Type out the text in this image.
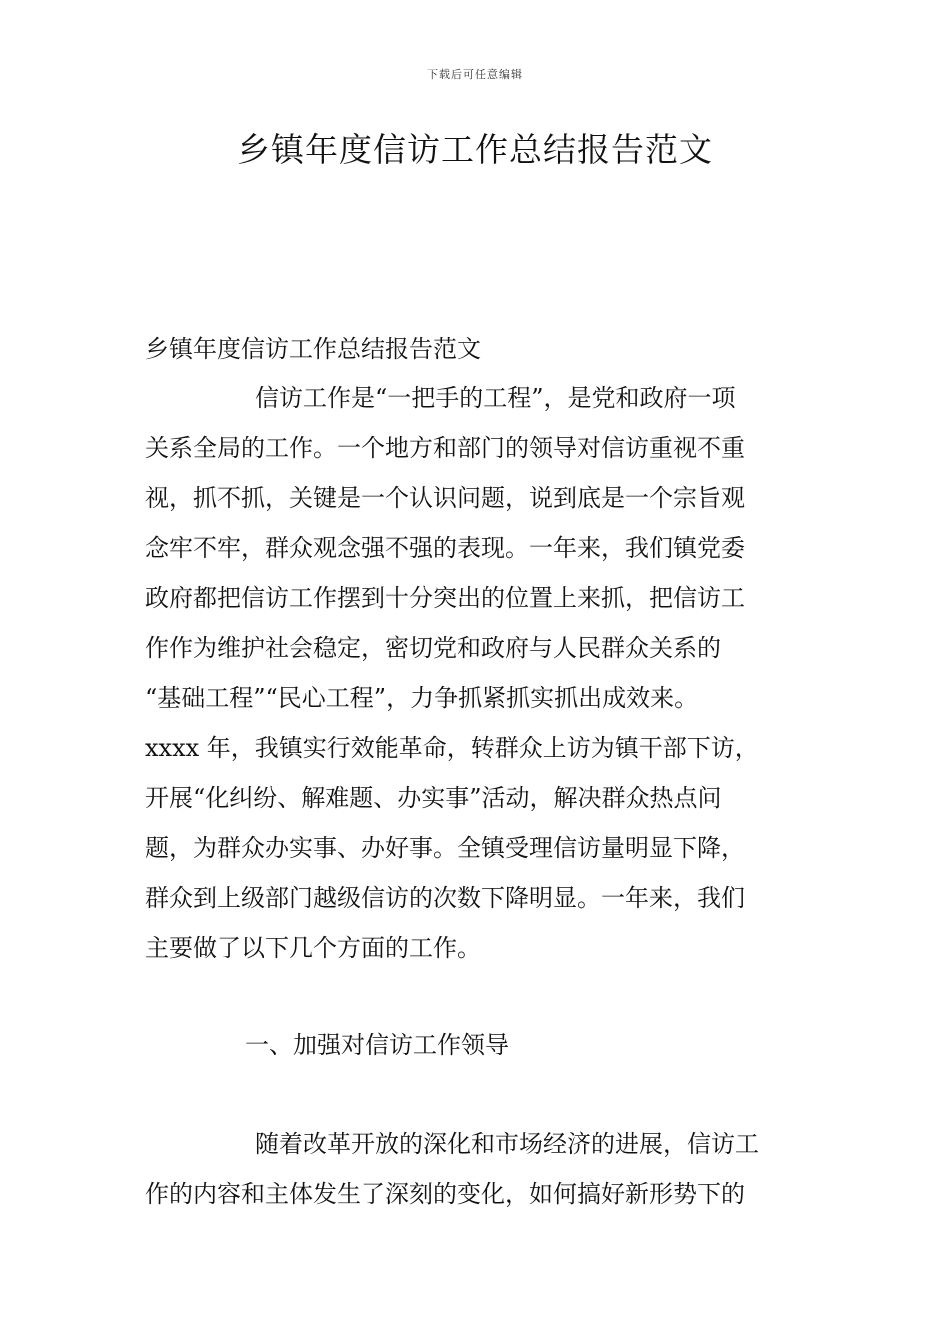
下载后可任意编辑
乡镇年度信访工作总结报告范文

乡镇年度信访工作总结报告范文

信访工作是“一把手的工程”，是党和政府一项
关系全局的工作。一个地方和部门的领导对信访重视不重
视，抓不抓，关键是一个认识问题，说到底是一个宗旨观
念牢不牢，群众观念强不强的表现。一年来，我们镇党委
政府都把信访工作摆到十分突出的位置上来抓，把信访工
作作为维护社会稳定，密切党和政府与人民群众关系的
“基础工程”“民心工程”，力争抓紧抓实抓出成效来。
xxxx 年，我镇实行效能革命，转群众上访为镇干部下访，
开展“化纠纷、解难题、办实事”活动，解决群众热点问
题，为群众办实事、办好事。全镇受理信访量明显下降，
群众到上级部门越级信访的次数下降明显。一年来，我们
主要做了以下几个方面的工作。
一、加强对信访工作领导
随着改革开放的深化和市场经济的进展，信访工
作的内容和主体发生了深刻的变化，如何搞好新形势下的
